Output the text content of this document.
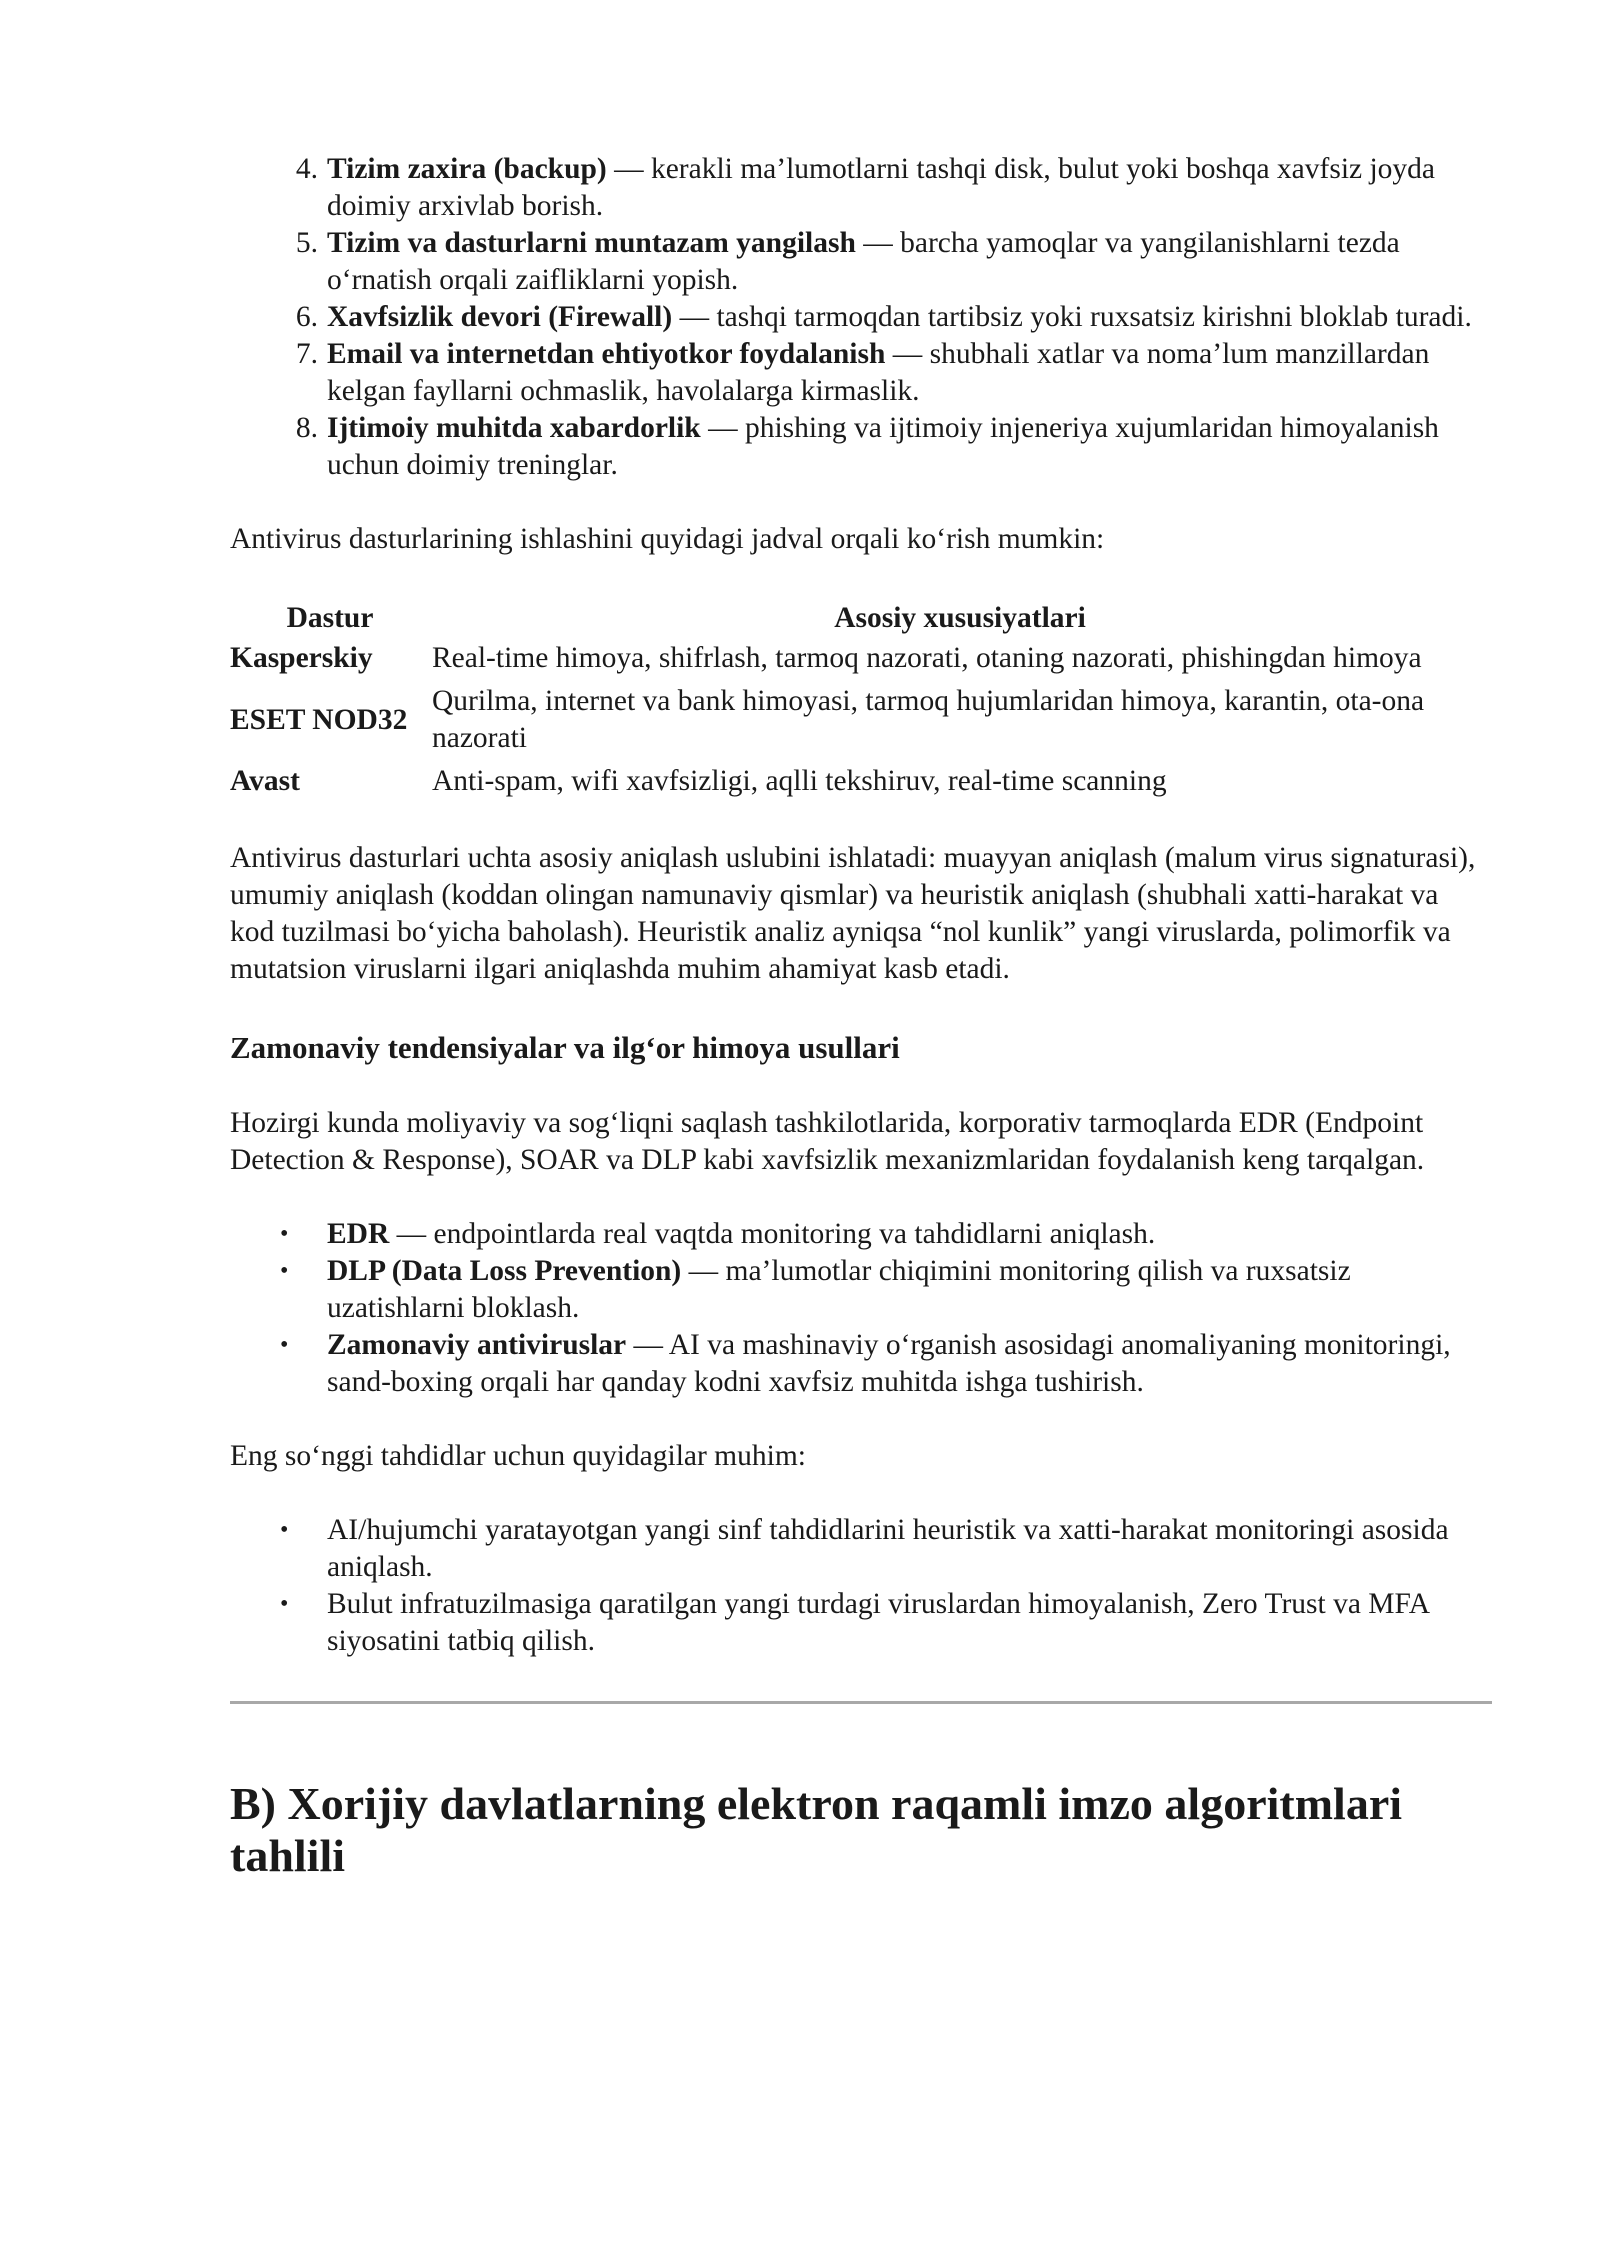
4. Tizim zaxira (backup) — kerakli ma’lumotlarni tashqi disk, bulut yoki boshqa xavfsiz joyda doimiy arxivlab borish.
5. Tizim va dasturlarni muntazam yangilash — barcha yamoqlar va yangilanishlarni tezda o‘rnatish orqali zaifliklarni yopish.
6. Xavfsizlik devori (Firewall) — tashqi tarmoqdan tartibsiz yoki ruxsatsiz kirishni bloklab turadi.
7. Email va internetdan ehtiyotkor foydalanish — shubhali xatlar va noma’lum manzillardan kelgan fayllarni ochmaslik, havolalarga kirmaslik.
8. Ijtimoiy muhitda xabardorlik — phishing va ijtimoiy injeneriya xujumlaridan himoyalanish uchun doimiy treninglar.

Antivirus dasturlarining ishlashini quyidagi jadval orqali ko‘rish mumkin:

Dastur	Asosiy xususiyatlari
Kasperskiy	Real-time himoya, shifrlash, tarmoq nazorati, otaning nazorati, phishingdan himoya
ESET NOD32	Qurilma, internet va bank himoyasi, tarmoq hujumlaridan himoya, karantin, ota-ona nazorati
Avast	Anti-spam, wifi xavfsizligi, aqlli tekshiruv, real-time scanning

Antivirus dasturlari uchta asosiy aniqlash uslubini ishlatadi: muayyan aniqlash (malum virus signaturasi), umumiy aniqlash (koddan olingan namunaviy qismlar) va heuristik aniqlash (shubhali xatti-harakat va kod tuzilmasi bo‘yicha baholash). Heuristik analiz ayniqsa “nol kunlik” yangi viruslarda, polimorfik va mutatsion viruslarni ilgari aniqlashda muhim ahamiyat kasb etadi.

Zamonaviy tendensiyalar va ilg‘or himoya usullari

Hozirgi kunda moliyaviy va sog‘liqni saqlash tashkilotlarida, korporativ tarmoqlarda EDR (Endpoint Detection & Response), SOAR va DLP kabi xavfsizlik mexanizmlaridan foydalanish keng tarqalgan.

• EDR — endpointlarda real vaqtda monitoring va tahdidlarni aniqlash.
• DLP (Data Loss Prevention) — ma’lumotlar chiqimini monitoring qilish va ruxsatsiz uzatishlarni bloklash.
• Zamonaviy antiviruslar — AI va mashinaviy o‘rganish asosidagi anomaliyaning monitoringi, sand-boxing orqali har qanday kodni xavfsiz muhitda ishga tushirish.

Eng so‘nggi tahdidlar uchun quyidagilar muhim:

• AI/hujumchi yaratayotgan yangi sinf tahdidlarini heuristik va xatti-harakat monitoringi asosida aniqlash.
• Bulut infratuzilmasiga qaratilgan yangi turdagi viruslardan himoyalanish, Zero Trust va MFA siyosatini tatbiq qilish.
B) Xorijiy davlatlarning elektron raqamli imzo algoritmlari tahlili
